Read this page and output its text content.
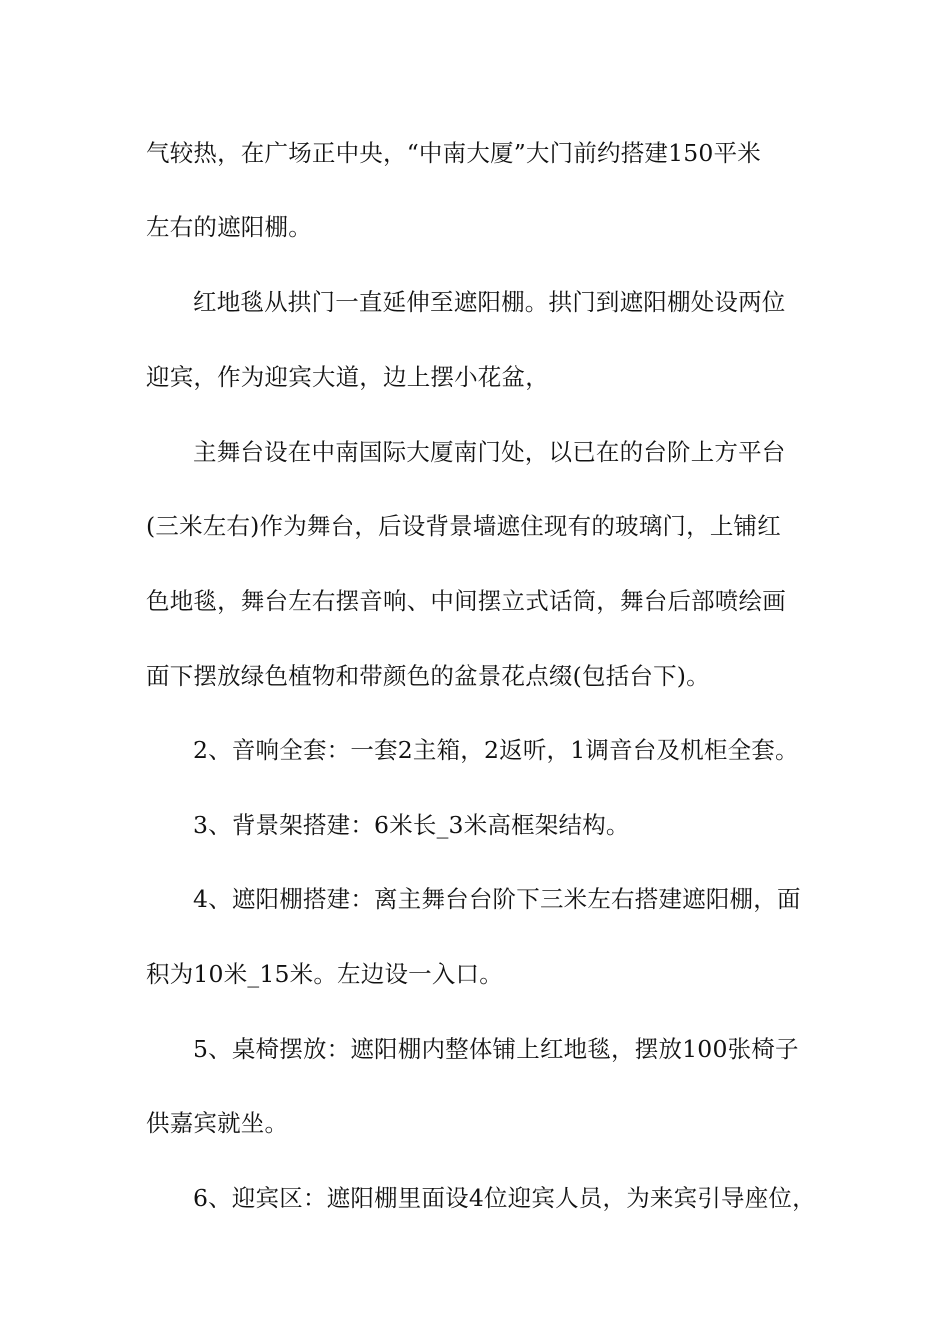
气较热，在广场正中央，“中南大厦”大门前约搭建150平米
左右的遮阳棚。
红地毯从拱门一直延伸至遮阳棚。拱门到遮阳棚处设两位
迎宾，作为迎宾大道，边上摆小花盆，
主舞台设在中南国际大厦南门处，以已在的台阶上方平台
(三米左右)作为舞台，后设背景墙遮住现有的玻璃门，上铺红
色地毯，舞台左右摆音响、中间摆立式话筒，舞台后部喷绘画
面下摆放绿色植物和带颜色的盆景花点缀(包括台下)。
2、音响全套：一套2主箱，2返听，1调音台及机柜全套。
3、背景架搭建：6米长_3米高框架结构。
4、遮阳棚搭建：离主舞台台阶下三米左右搭建遮阳棚，面
积为10米_15米。左边设一入口。
5、桌椅摆放：遮阳棚内整体铺上红地毯，摆放100张椅子
供嘉宾就坐。
6、迎宾区：遮阳棚里面设4位迎宾人员，为来宾引导座位，
